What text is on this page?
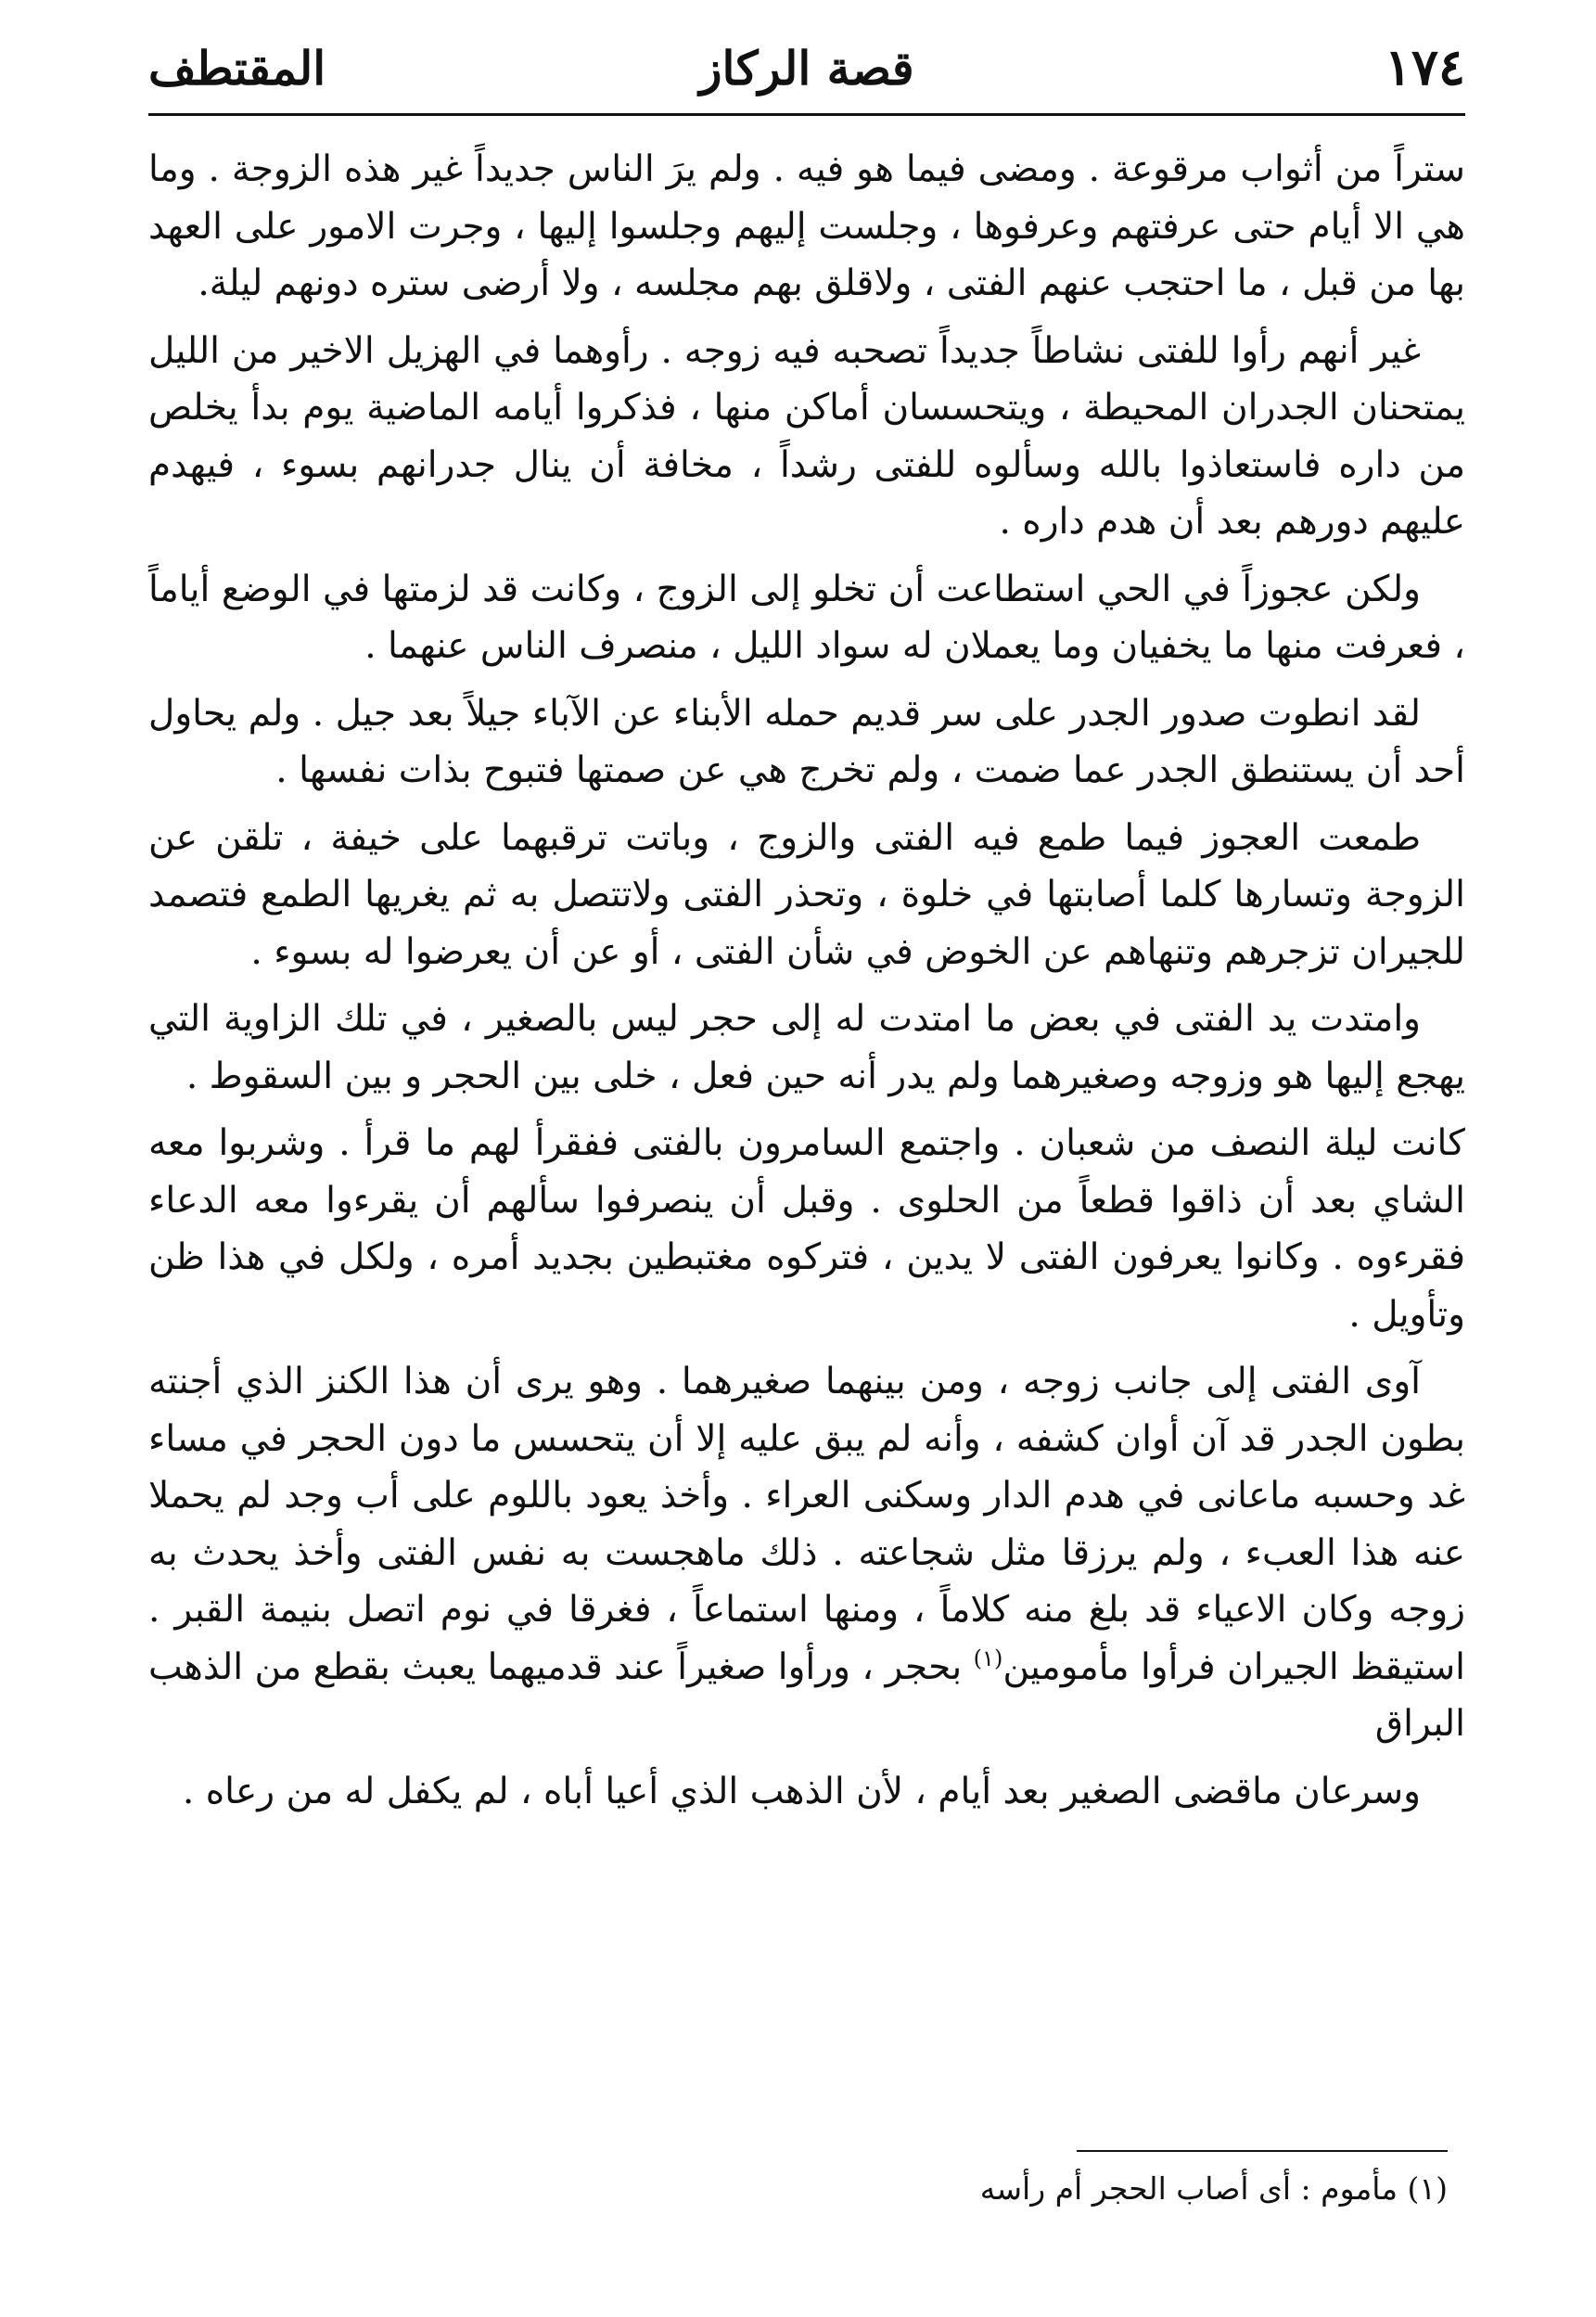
١٧٤
قصة الركاز
المقتطف

ستراً من أثواب مرقوعة . ومضى فيما هو فيه . ولم يرَ الناس جديداً غير هذه الزوجة . وما هي الا أيام حتى عرفتهم وعرفوها ، وجلست إليهم وجلسوا إليها ، وجرت الامور على العهد بها من قبل ، ما احتجب عنهم الفتى ، ولاقلق بهم مجلسه ، ولا أرضى ستره دونهم ليلة.

غير أنهم رأوا للفتى نشاطاً جديداً تصحبه فيه زوجه . رأوهما في الهزيل الاخير من الليل يمتحنان الجدران المحيطة ، ويتحسسان أماكن منها ، فذكروا أيامه الماضية يوم بدأ يخلص من داره فاستعاذوا بالله وسألوه للفتى رشداً ، مخافة أن ينال جدرانهم بسوء ، فيهدم عليهم دورهم بعد أن هدم داره .

ولكن عجوزاً في الحي استطاعت أن تخلو إلى الزوج ، وكانت قد لزمتها في الوضع أياماً ، فعرفت منها ما يخفيان وما يعملان له سواد الليل ، منصرف الناس عنهما .

لقد انطوت صدور الجدر على سر قديم حمله الأبناء عن الآباء جيلاً بعد جيل . ولم يحاول أحد أن يستنطق الجدر عما ضمت ، ولم تخرج هي عن صمتها فتبوح بذات نفسها .

طمعت العجوز فيما طمع فيه الفتى والزوج ، وباتت ترقبهما على خيفة ، تلقن عن الزوجة وتسارها كلما أصابتها في خلوة ، وتحذر الفتى ولاتتصل به ثم يغريها الطمع فتصمد للجيران تزجرهم وتنهاهم عن الخوض في شأن الفتى ، أو عن أن يعرضوا له بسوء .

وامتدت يد الفتى في بعض ما امتدت له إلى حجر ليس بالصغير ، في تلك الزاوية التي يهجع إليها هو وزوجه وصغيرهما ولم يدر أنه حين فعل ، خلى بين الحجر و بين السقوط .

كانت ليلة النصف من شعبان . واجتمع السامرون بالفتى ففقرأ لهم ما قرأ . وشربوا معه الشاي بعد أن ذاقوا قطعاً من الحلوى . وقبل أن ينصرفوا سألهم أن يقرءوا معه الدعاء فقرءوه . وكانوا يعرفون الفتى لا يدين ، فتركوه مغتبطين بجديد أمره ، ولكل في هذا ظن وتأويل .

آوى الفتى إلى جانب زوجه ، ومن بينهما صغيرهما . وهو يرى أن هذا الكنز الذي أجنته بطون الجدر قد آن أوان كشفه ، وأنه لم يبق عليه إلا أن يتحسس ما دون الحجر في مساء غد وحسبه ماعانى في هدم الدار وسكنى العراء . وأخذ يعود باللوم على أب وجد لم يحملا عنه هذا العبء ، ولم يرزقا مثل شجاعته . ذلك ماهجست به نفس الفتى وأخذ يحدث به زوجه وكان الاعياء قد بلغ منه كلاماً ، ومنها استماعاً ، فغرقا في نوم اتصل بنيمة القبر . استيقظ الجيران فرأوا مأمومين$^{(١)}$ بحجر ، ورأوا صغيراً عند قدميهما يعبث بقطع من الذهب البراق

وسرعان ماقضى الصغير بعد أيام ، لأن الذهب الذي أعيا أباه ، لم يكفل له من رعاه .

(١) مأموم : أى أصاب الحجر أم رأسه
